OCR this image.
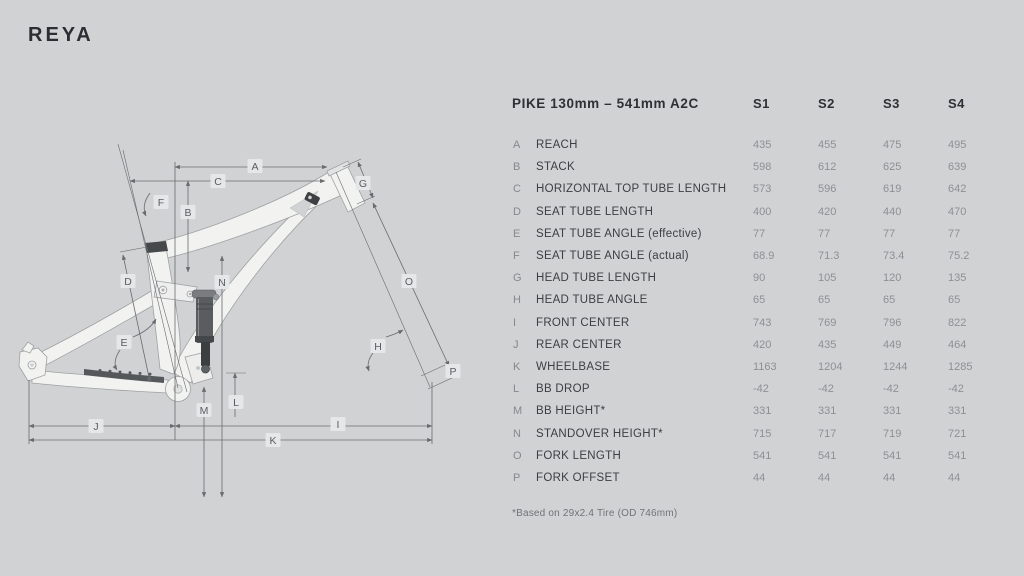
REYA
A
B
C
D
E
F
G
H
I
J
K
L
M
N	O
P
PIKE 130mm – 541mm A2C	S1	S2	S3	S4
A	REACH	435	455	475	495
B	STACK	598	612	625	639
C	HORIZONTAL TOP TUBE LENGTH	573	596	619	642
D	SEAT TUBE LENGTH	400	420	440	470
E	SEAT TUBE ANGLE (effective)	77	77	77	77
F	SEAT TUBE ANGLE (actual)	68.9	71.3	73.4	75.2
G	HEAD TUBE LENGTH	90	105	120	135
H	HEAD TUBE ANGLE	65	65	65	65
I	FRONT CENTER	743	769	796	822
J	REAR CENTER	420	435	449	464
K	WHEELBASE	1163	1204	1244	1285
L	BB DROP	-42	-42	-42	-42
M	BB HEIGHT*	331	331	331	331
N	STANDOVER HEIGHT*	715	717	719	721
O	FORK LENGTH	541	541	541	541
P	FORK OFFSET	44	44	44	44
*Based on 29x2.4 Tire (OD 746mm)
